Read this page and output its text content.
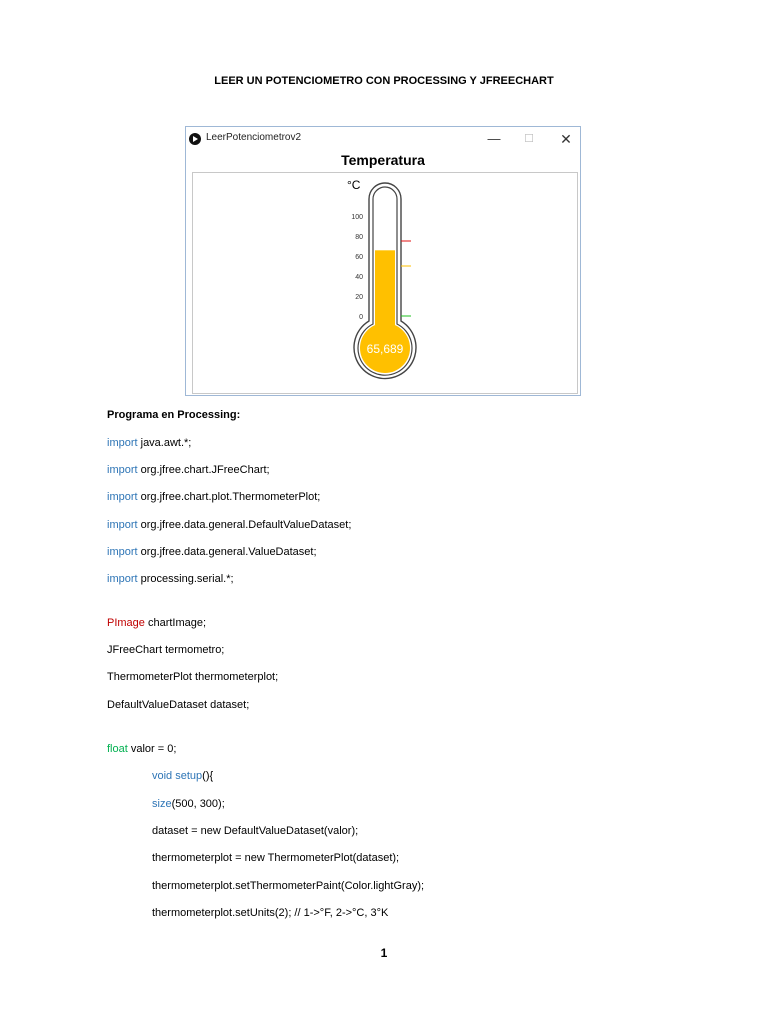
LEER UN POTENCIOMETRO CON PROCESSING Y JFREECHART
LeerPotenciometrov2	—	☐	✕
Temperatura
°C
100
80
60
40
20
0
65,689
Programa en Processing:
import java.awt.*;
import org.jfree.chart.JFreeChart;
import org.jfree.chart.plot.ThermometerPlot;
import org.jfree.data.general.DefaultValueDataset;
import org.jfree.data.general.ValueDataset;
import processing.serial.*;
PImage chartImage;
JFreeChart termometro;
ThermometerPlot thermometerplot;
DefaultValueDataset dataset;
float valor = 0;
void setup(){
size(500, 300);
dataset = new DefaultValueDataset(valor);
thermometerplot = new ThermometerPlot(dataset);
thermometerplot.setThermometerPaint(Color.lightGray);
thermometerplot.setUnits(2); // 1->°F, 2->°C, 3°K
1
